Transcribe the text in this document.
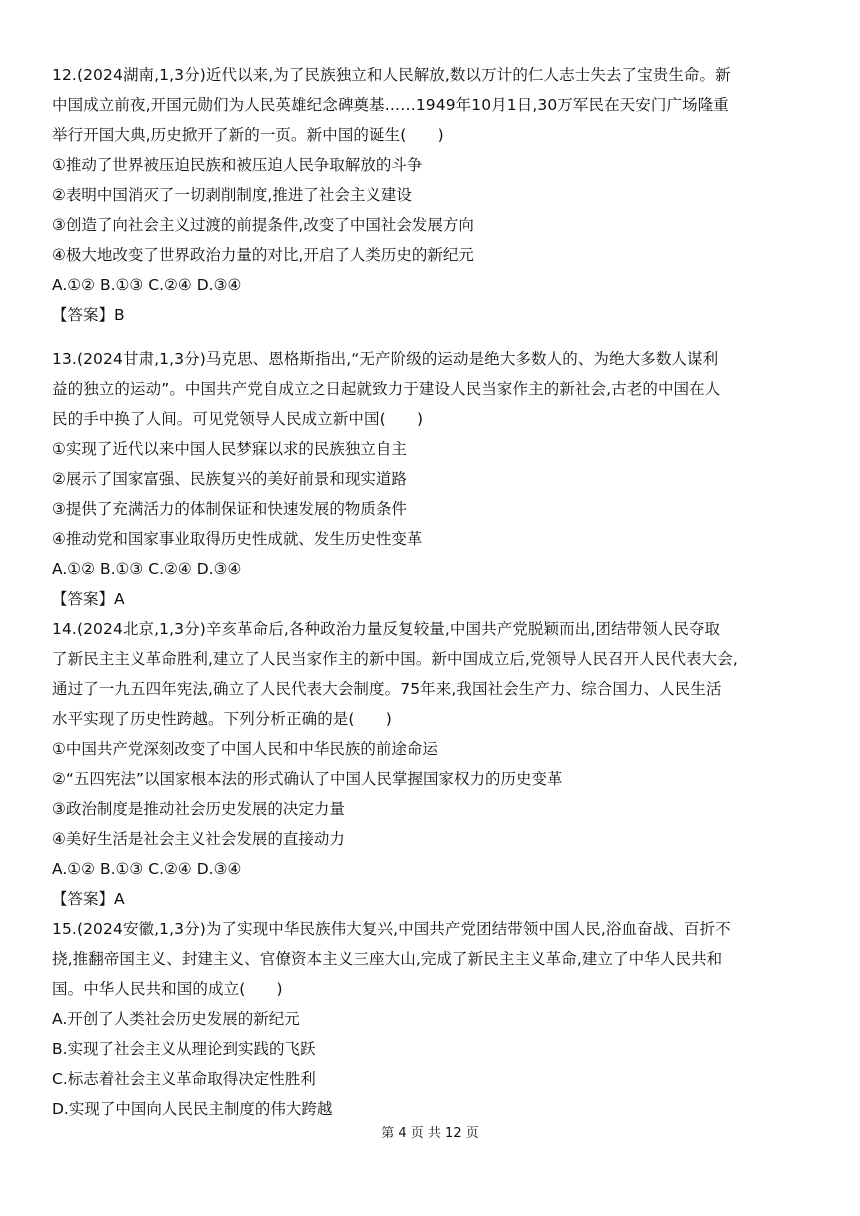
12.(2024湖南,1,3分)近代以来,为了民族独立和人民解放,数以万计的仁人志士失去了宝贵生命。新
中国成立前夜,开国元勋们为人民英雄纪念碑奠基……1949年10月1日,30万军民在天安门广场隆重
举行开国大典,历史掀开了新的一页。新中国的诞生(　　)
①推动了世界被压迫民族和被压迫人民争取解放的斗争
②表明中国消灭了一切剥削制度,推进了社会主义建设
③创造了向社会主义过渡的前提条件,改变了中国社会发展方向
④极大地改变了世界政治力量的对比,开启了人类历史的新纪元
A.①② B.①③ C.②④ D.③④
【答案】B
13.(2024甘肃,1,3分)马克思、恩格斯指出,“无产阶级的运动是绝大多数人的、为绝大多数人谋利
益的独立的运动”。中国共产党自成立之日起就致力于建设人民当家作主的新社会,古老的中国在人
民的手中换了人间。可见党领导人民成立新中国(　　)
①实现了近代以来中国人民梦寐以求的民族独立自主
②展示了国家富强、民族复兴的美好前景和现实道路
③提供了充满活力的体制保证和快速发展的物质条件
④推动党和国家事业取得历史性成就、发生历史性变革
A.①② B.①③ C.②④ D.③④
【答案】A
14.(2024北京,1,3分)辛亥革命后,各种政治力量反复较量,中国共产党脱颖而出,团结带领人民夺取
了新民主主义革命胜利,建立了人民当家作主的新中国。新中国成立后,党领导人民召开人民代表大会,
通过了一九五四年宪法,确立了人民代表大会制度。75年来,我国社会生产力、综合国力、人民生活
水平实现了历史性跨越。下列分析正确的是(　　)
①中国共产党深刻改变了中国人民和中华民族的前途命运
②“五四宪法”以国家根本法的形式确认了中国人民掌握国家权力的历史变革
③政治制度是推动社会历史发展的决定力量
④美好生活是社会主义社会发展的直接动力
A.①② B.①③ C.②④ D.③④
【答案】A
15.(2024安徽,1,3分)为了实现中华民族伟大复兴,中国共产党团结带领中国人民,浴血奋战、百折不
挠,推翻帝国主义、封建主义、官僚资本主义三座大山,完成了新民主主义革命,建立了中华人民共和
国。中华人民共和国的成立(　　)
A.开创了人类社会历史发展的新纪元
B.实现了社会主义从理论到实践的飞跃
C.标志着社会主义革命取得决定性胜利
D.实现了中国向人民民主制度的伟大跨越
第 4 页 共 12 页
